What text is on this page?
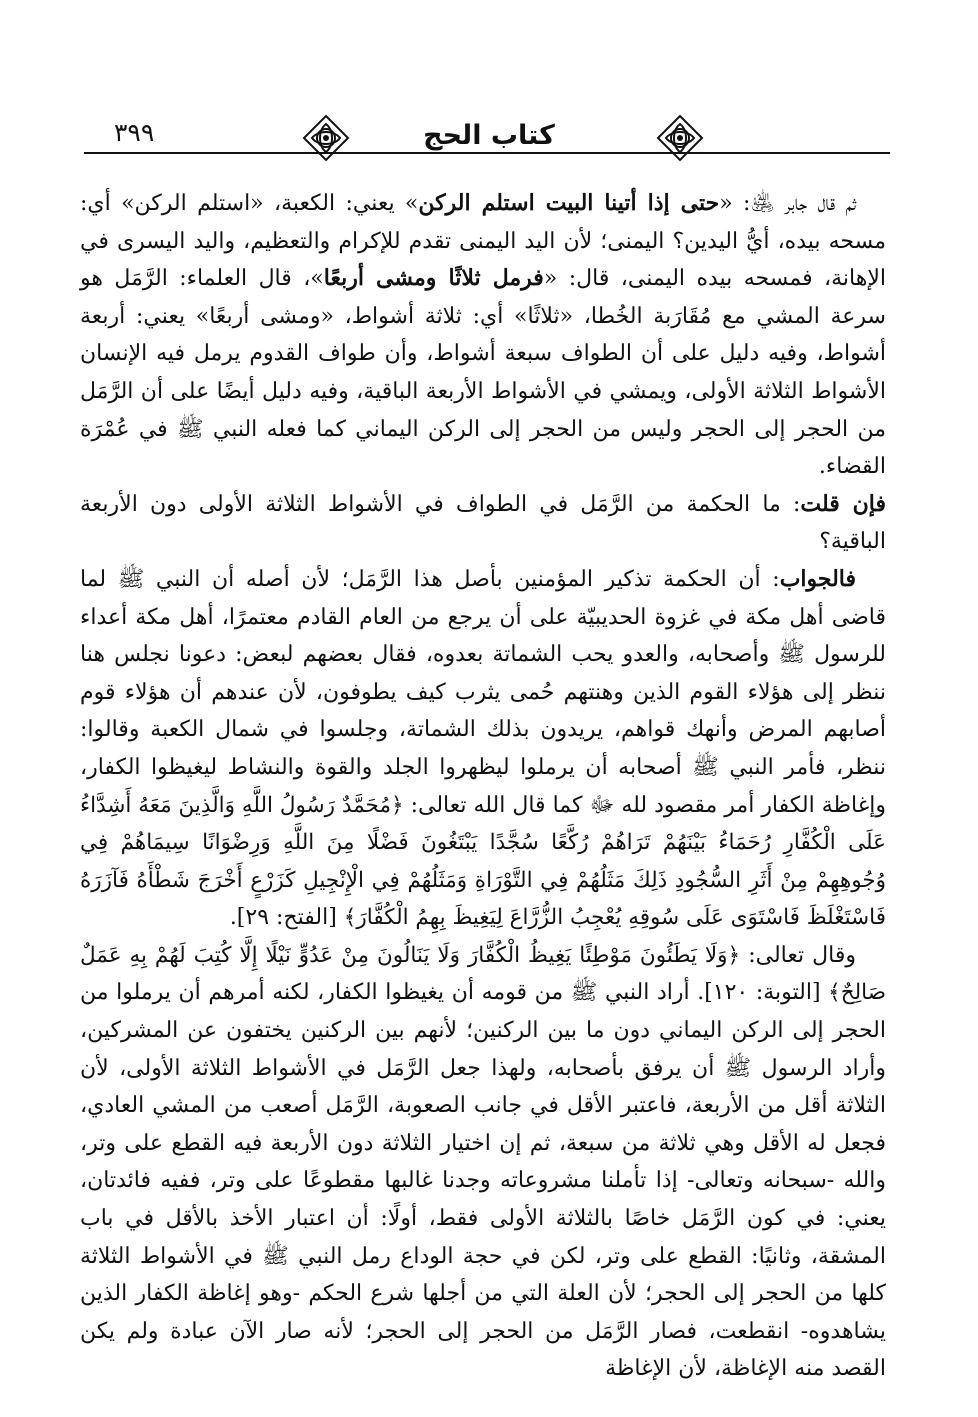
٣٩٩	كتاب الحج

ثم قال جابر ﵁: «حتى إذا أتينا البيت استلم الركن» يعني: الكعبة، «استلم الركن» أي: مسحه بيده، أيُّ اليدين؟ اليمنى؛ لأن اليد اليمنى تقدم للإكرام والتعظيم، واليد اليسرى في الإهانة، فمسحه بيده اليمنى، قال: «فرمل ثلاثًا ومشى أربعًا»، قال العلماء: الرَّمَل هو سرعة المشي مع مُقَارَبة الخُطا، «ثلاثًا» أي: ثلاثة أشواط، «ومشى أربعًا» يعني: أربعة أشواط، وفيه دليل على أن الطواف سبعة أشواط، وأن طواف القدوم يرمل فيه الإنسان الأشواط الثلاثة الأولى، ويمشي في الأشواط الأربعة الباقية، وفيه دليل أيضًا على أن الرَّمَل من الحجر إلى الحجر وليس من الحجر إلى الركن اليماني كما فعله النبي ﷺ في عُمْرَة القضاء.

فإن قلت: ما الحكمة من الرَّمَل في الطواف في الأشواط الثلاثة الأولى دون الأربعة الباقية؟

فالجواب: أن الحكمة تذكير المؤمنين بأصل هذا الرَّمَل؛ لأن أصله أن النبي ﷺ لما قاضى أهل مكة في غزوة الحديبيّة على أن يرجع من العام القادم معتمرًا، أهل مكة أعداء للرسول ﷺ وأصحابه، والعدو يحب الشماتة بعدوه، فقال بعضهم لبعض: دعونا نجلس هنا ننظر إلى هؤلاء القوم الذين وهنتهم حُمى يثرب كيف يطوفون، لأن عندهم أن هؤلاء قوم أصابهم المرض وأنهك قواهم، يريدون بذلك الشماتة، وجلسوا في شمال الكعبة وقالوا: ننظر، فأمر النبي ﷺ أصحابه أن يرملوا ليظهروا الجلد والقوة والنشاط ليغيظوا الكفار، وإغاظة الكفار أمر مقصود لله ﷻ كما قال الله تعالى: ﴿مُحَمَّدٌ رَسُولُ اللَّهِ وَالَّذِينَ مَعَهُ أَشِدَّاءُ عَلَى الْكُفَّارِ رُحَمَاءُ بَيْنَهُمْ تَرَاهُمْ رُكَّعًا سُجَّدًا يَبْتَغُونَ فَضْلًا مِنَ اللَّهِ وَرِضْوَانًا سِيمَاهُمْ فِي وُجُوهِهِمْ مِنْ أَثَرِ السُّجُودِ ذَلِكَ مَثَلُهُمْ فِي التَّوْرَاةِ وَمَثَلُهُمْ فِي الْإِنْجِيلِ كَزَرْعٍ أَخْرَجَ شَطْأَهُ فَآزَرَهُ فَاسْتَغْلَظَ فَاسْتَوَى عَلَى سُوقِهِ يُعْجِبُ الزُّرَّاعَ لِيَغِيظَ بِهِمُ الْكُفَّارَ﴾ [الفتح: ٢٩].

وقال تعالى: ﴿وَلَا يَطَئُونَ مَوْطِئًا يَغِيظُ الْكُفَّارَ وَلَا يَنَالُونَ مِنْ عَدُوٍّ نَيْلًا إِلَّا كُتِبَ لَهُمْ بِهِ عَمَلٌ صَالِحٌ﴾ [التوبة: ١٢٠]. أراد النبي ﷺ من قومه أن يغيظوا الكفار، لكنه أمرهم أن يرملوا من الحجر إلى الركن اليماني دون ما بين الركنين؛ لأنهم بين الركنين يختفون عن المشركين، وأراد الرسول ﷺ أن يرفق بأصحابه، ولهذا جعل الرَّمَل في الأشواط الثلاثة الأولى، لأن الثلاثة أقل من الأربعة، فاعتبر الأقل في جانب الصعوبة، الرَّمَل أصعب من المشي العادي، فجعل له الأقل وهي ثلاثة من سبعة، ثم إن اختيار الثلاثة دون الأربعة فيه القطع على وتر، والله -سبحانه وتعالى- إذا تأملنا مشروعاته وجدنا غالبها مقطوعًا على وتر، ففيه فائدتان، يعني: في كون الرَّمَل خاصًا بالثلاثة الأولى فقط، أولًا: أن اعتبار الأخذ بالأقل في باب المشقة، وثانيًا: القطع على وتر، لكن في حجة الوداع رمل النبي ﷺ في الأشواط الثلاثة كلها من الحجر إلى الحجر؛ لأن العلة التي من أجلها شرع الحكم -وهو إغاظة الكفار الذين يشاهدوه- انقطعت، فصار الرَّمَل من الحجر إلى الحجر؛ لأنه صار الآن عبادة ولم يكن القصد منه الإغاظة، لأن الإغاظة
